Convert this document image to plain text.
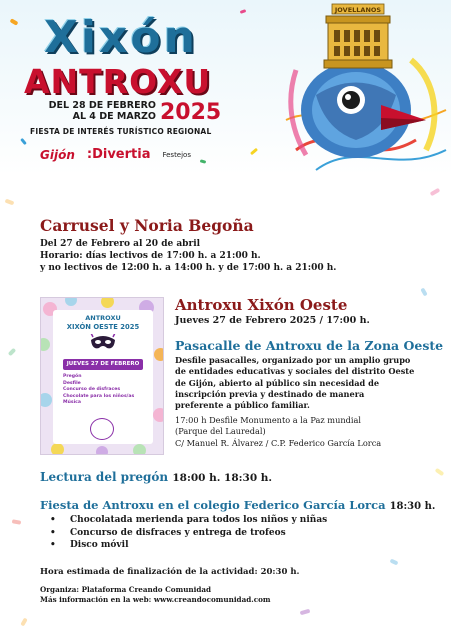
Xixón
ANTROXU
DEL 28 DE FEBRERO
AL 4 DE MARZO 2025
FIESTA DE INTERÉS TURÍSTICO REGIONAL
Gijón :Divertia Festejos
JOVELLANOS
Carrusel y Noria Begoña
Del 27 de Febrero al 20 de abril
Horario: días lectivos de 17:00 h. a 21:00 h.
y no lectivos de 12:00 h. a 14:00 h. y de 17:00 h. a 21:00 h.
ANTROXU
XIXÓN OESTE 2025
JUEVES 27 DE FEBRERO
Pregón
Desfile
Concurso de disfraces
Chocolate para los niños/as
Música
Antroxu Xixón Oeste
Jueves 27 de Febrero 2025 / 17:00 h.
Pasacalle de Antroxu de la Zona Oeste
Desfile pasacalles, organizado por un amplio grupo de entidades educativas y sociales del distrito Oeste de Gijón, abierto al público sin necesidad de inscripción previa y destinado de manera preferente a público familiar.
17:00 h Desfile Monumento a la Paz mundial
(Parque del Lauredal)
C/ Manuel R. Álvarez / C.P. Federico García Lorca
Lectura del pregón 18:00 h. 18:30 h.
Fiesta de Antroxu en el colegio Federico García Lorca 18:30 h.
• Chocolatada merienda para todos los niños y niñas
• Concurso de disfraces y entrega de trofeos
• Disco móvil
Hora estimada de finalización de la actividad: 20:30 h.
Organiza: Plataforma Creando Comunidad
Más información en la web: www.creandocomunidad.com
